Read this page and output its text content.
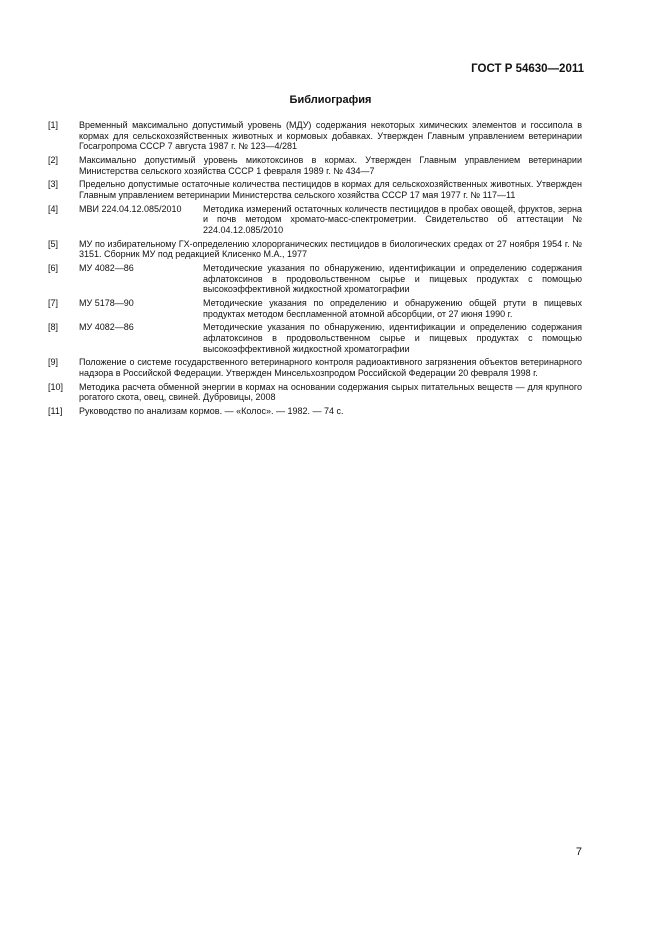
ГОСТ Р 54630—2011
Библиография
[1] Временный максимально допустимый уровень (МДУ) содержания некоторых химических элементов и госсипола в кормах для сельскохозяйственных животных и кормовых добавках. Утвержден Главным управлением ветеринарии Госагропрома СССР 7 августа 1987 г. № 123—4/281
[2] Максимально допустимый уровень микотоксинов в кормах. Утвержден Главным управлением ветеринарии Министерства сельского хозяйства СССР 1 февраля 1989 г. № 434—7
[3] Предельно допустимые остаточные количества пестицидов в кормах для сельскохозяйственных животных. Утвержден Главным управлением ветеринарии Министерства сельского хозяйства СССР 17 мая 1977 г. № 117—11
[4] МВИ 224.04.12.085/2010 Методика измерений остаточных количеств пестицидов в пробах овощей, фруктов, зерна и почв методом хромато-масс-спектрометрии. Свидетельство об аттестации № 224.04.12.085/2010
[5] МУ по избирательному ГХ-определению хлорорганических пестицидов в биологических средах от 27 ноября 1954 г. № 3151. Сборник МУ под редакцией Клисенко М.А., 1977
[6] МУ 4082—86	Методические указания по обнаружению, идентификации и определению содержания афлатоксинов в продовольственном сырье и пищевых продуктах с помощью высокоэффективной жидкостной хроматографии
[7] МУ 5178—90	Методические указания по определению и обнаружению общей ртути в пищевых продуктах методом беспламенной атомной абсорбции, от 27 июня 1990 г.
[8] МУ 4082—86	Методические указания по обнаружению, идентификации и определению содержания афлатоксинов в продовольственном сырье и пищевых продуктах с помощью высокоэффективной жидкостной хроматографии
[9] Положение о системе государственного ветеринарного контроля радиоактивного загрязнения объектов ветеринарного надзора в Российской Федерации. Утвержден Минсельхозпродом Российской Федерации 20 февраля 1998 г.
[10] Методика расчета обменной энергии в кормах на основании содержания сырых питательных веществ — для крупного рогатого скота, овец, свиней. Дубровицы, 2008
[11] Руководство по анализам кормов. — «Колос». — 1982. — 74 с.
7
